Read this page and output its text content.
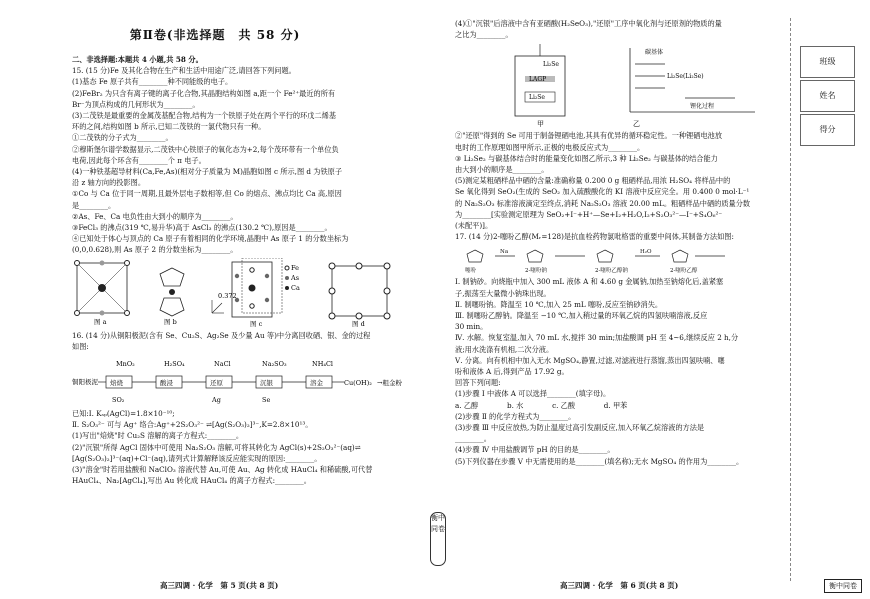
第Ⅱ卷(非选择题　共 58 分)
二、非选择题:本题共 4 小题,共 58 分。
15. (15 分)Fe 及其化合物在生产和生活中用途广泛,请回答下列问题。
(1)基态 Fe 原子共有________种不同能级的电子。
(2)FeBr₂ 为只含有离子键的离子化合物,其晶胞结构如图 a,距一个 Fe²⁺最近的所有
Br⁻为顶点构成的几何形状为________。
(3)二茂铁是最重要的金属茂基配合物,结构为一个铁原子处在两个平行的环戊二烯基
环的之间,结构如图 b 所示,已知二茂铁的一氯代物只有一种。
①二茂铁的分子式为________。
②穆斯堡尔谱学数据显示,二茂铁中心铁原子的氧化态为+2,每个茂环带有一个单位负
电荷,因此每个环含有________个 π 电子。
(4)一种铁基超导材料(Ca,Fe,As)(相对分子质量为 M)晶胞如图 c 所示,图 d 为铁原子
沿 z 轴方向的投影图。
①Co 与 Ca 位于同一周期,且最外层电子数相等,但 Co 的熔点、沸点均比 Ca 高,原因
是________。
②As、Fe、Ca 电负性由大到小的顺序为________。
③FeCl₃ 的沸点(319 ℃,易升华)高于 AsCl₃ 的沸点(130.2 ℃),原因是________。
④已知处于体心与顶点的 Ca 原子有着相同的化学环境,晶胞中 As 原子 1 的分数坐标为
(0,0,0.628),则 As 原子 2 的分数坐标为________。
图 a	图 b	图 c	图 d
Fe
As
Ca
0.372
16. (14 分)从铜阳极泥(含有 Se、Cu₂S、Ag₂Se 及少量 Au 等)中分离回收硒、银、金的过程
如图:
铜阳极泥 焙烧	酸浸	还原	沉银	溶金
MnO₂	H₂SO₄	NaCl	Na₂SO₃	NH₄Cl
SO₂	Ag	Se
Cu(OH)₂ →粗金粉
已知:Ⅰ. Kₛₚ(AgCl)=1.8×10⁻¹⁰;
Ⅱ. S₂O₃²⁻ 可与 Ag⁺ 络合:Ag⁺+2S₂O₃²⁻ ⇌[Ag(S₂O₃)₂]³⁻,K=2.8×10¹³。
(1)写出"焙烧"时 Cu₂S 溶解的离子方程式:________。
(2)"沉银"所得 AgCl 固体中可使用 Na₂S₂O₃ 溶解,可将其转化为 AgCl(s)+2S₂O₃²⁻(aq)⇌
[Ag(S₂O₃)₂]³⁻(aq)+Cl⁻(aq),请列式计算解释该反应能实现的原因:________。
(3)"溶金"时若用盐酸和 NaClO₃ 溶液代替 Au,可使 Au、Ag 转化成 HAuCl₄ 和稀硫酸,可代替
HAuCl₄、Na₂[AgCl₄],写出 Au 转化成 HAuCl₄ 的离子方程式:________。
高三四调 · 化学　第 5 页(共 8 页)
衡中同卷
(4)①"沉银"后溶液中含有亚硒酸(H₂SeO₃),"还原"工序中氧化剂与还原剂的物质的量
之比为________。
Li₂Se
LAGP
Li₂Se
甲
碳基体
Li₂Se(Li₂Se)
锂化过程
乙
②"还原"得到的 Se 可用于制备锂硒电池,其具有优异的循环稳定性。一种锂硒电池放
电时的工作原理如图甲所示,正极的电极反应式为________。
③ Li₂Se₂ 与碳基体结合时的能量变化如图乙所示,3 种 Li₂Se₂ 与碳基体的结合能力
由大到小的顺序是________。
(5)测定某粗硒样品中硒的含量:准确称量 0.200 0 g 粗硒样品,用浓 H₂SO₄ 将样品中的
Se 氧化得到 SeO₂(生成的 SeO₂ 加入硫酸酸化的 KI 溶液中反应完全。用 0.400 0 mol·L⁻¹
的 Na₂S₂O₃ 标准溶液滴定至终点,消耗 Na₂S₂O₃ 溶液 20.00 mL。粗硒样品中硒的质量分数
为________[实验测定原理为 SeO₂+I⁻+H⁺—Se+I₂+H₂O,I₂+S₂O₃²⁻—I⁻+S₄O₆²⁻
(未配平)]。
17. (14 分)2-噻吩乙醇(Mᵣ=128)是抗血栓药物氯吡格雷的重要中间体,其制备方法如图:
噻吩	2-噻吩钠	2-噻吩乙醇钠	2-噻吩乙醇
Na	H₂O
Ⅰ. 制钠砂。向烧瓶中加入 300 mL 液体 A 和 4.60 g 金属钠,加热至钠熔化后,盖紧塞
子,振荡至大量微小钠珠出现。
Ⅱ. 制噻吩钠。降温至 10 ℃,加入 25 mL 噻吩,反应至钠砂消失。
Ⅲ. 制噻吩乙醇钠。降温至 −10 ℃,加入稍过量的环氧乙烷的四氢呋喃溶液,反应
30 min。
Ⅳ. 水解。恢复室温,加入 70 mL 水,搅拌 30 min;加盐酸调 pH 至 4~6,继续反应 2 h,分
液;用水洗涤有机相,二次分液。
Ⅴ. 分离。向有机相中加入无水 MgSO₄,静置,过滤,对滤液进行蒸馏,蒸出四氢呋喃、噻
吩和液体 A 后,得到产品 17.92 g。
回答下列问题:
(1)步骤 Ⅰ 中液体 A 可以选择________(填字母)。
a. 乙醇　　　　b. 水　　　　c. 乙酸　　　　d. 甲苯
(2)步骤 Ⅱ 的化学方程式为________。
(3)步骤 Ⅲ 中反应放热,为防止温度过高引发副反应,加入环氧乙烷溶液的方法是
________。
(4)步骤 Ⅳ 中用盐酸调节 pH 的目的是________。
(5)下列仪器在步骤 Ⅴ 中无需使用的是________(填名称);无水 MgSO₄ 的作用为________。
高三四调 · 化学　第 6 页(共 8 页)	衡中同卷
班级
姓名
得分
